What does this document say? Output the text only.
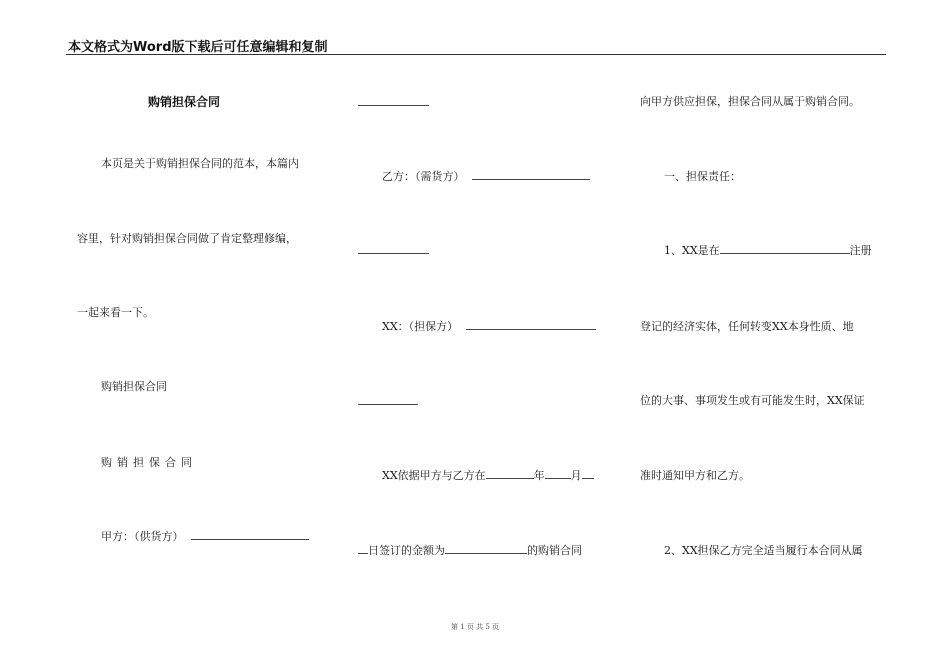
本文格式为Word版下载后可任意编辑和复制
购销担保合同
本页是关于购销担保合同的范本，本篇内
容里，针对购销担保合同做了肯定整理修编，
一起来看一下。
购销担保合同
购销担保合同
甲方：（供货方）
乙方：（需货方）
XX：（担保方）
XX依据甲方与乙方在	年 月
日签订的金额为	的购销合同
向甲方供应担保，担保合同从属于购销合同。
一、担保责任：
1、XX是在	注册
登记的经济实体，任何转变XX本身性质、地
位的大事、事项发生或有可能发生时，XX保证
准时通知甲方和乙方。
2、XX担保乙方完全适当履行本合同从属
第 1 页 共 5 页
